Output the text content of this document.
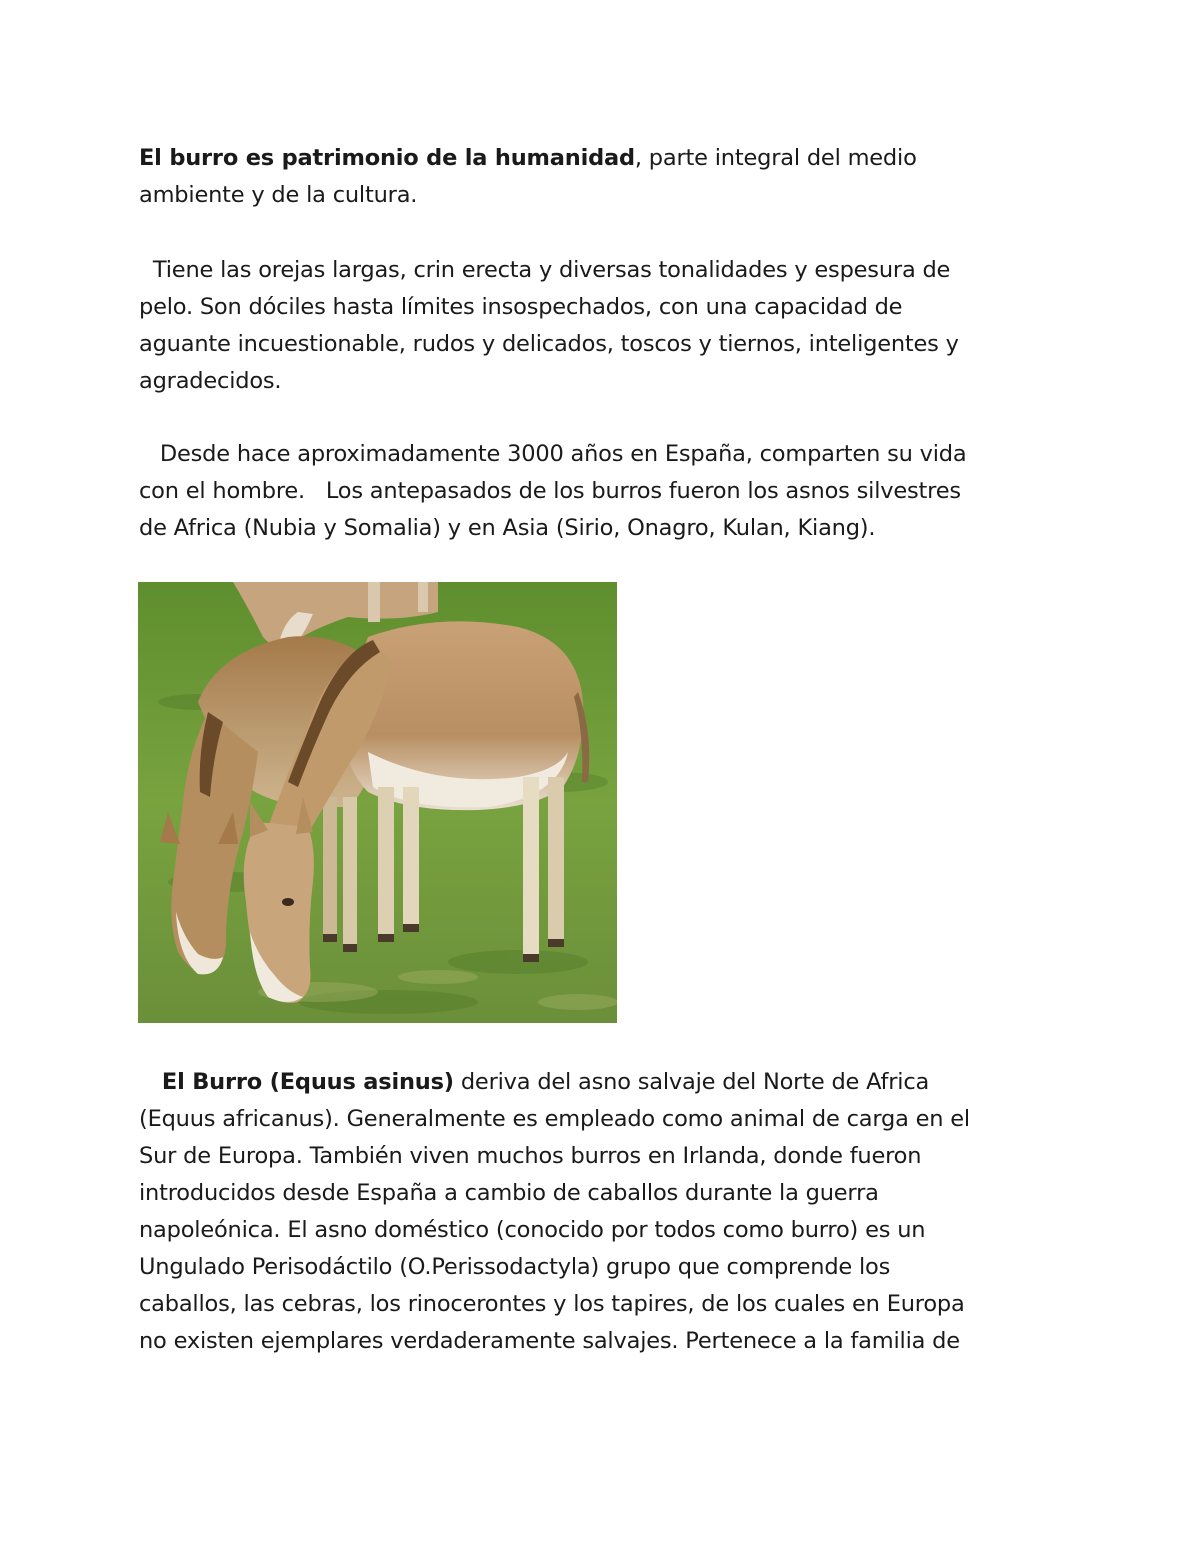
El burro es patrimonio de la humanidad, parte integral del medio
ambiente y de la cultura.
Tiene las orejas largas, crin erecta y diversas tonalidades y espesura de
pelo. Son dóciles hasta límites insospechados, con una capacidad de
aguante incuestionable, rudos y delicados, toscos y tiernos, inteligentes y
agradecidos.
Desde hace aproximadamente 3000 años en España, comparten su vida
con el hombre.   Los antepasados de los burros fueron los asnos silvestres
de Africa (Nubia y Somalia) y en Asia (Sirio, Onagro, Kulan, Kiang).
El Burro (Equus asinus) deriva del asno salvaje del Norte de Africa
(Equus africanus). Generalmente es empleado como animal de carga en el
Sur de Europa. También viven muchos burros en Irlanda, donde fueron
introducidos desde España a cambio de caballos durante la guerra
napoleónica. El asno doméstico (conocido por todos como burro) es un
Ungulado Perisodáctilo (O.Perissodactyla) grupo que comprende los
caballos, las cebras, los rinocerontes y los tapires, de los cuales en Europa
no existen ejemplares verdaderamente salvajes. Pertenece a la familia de
